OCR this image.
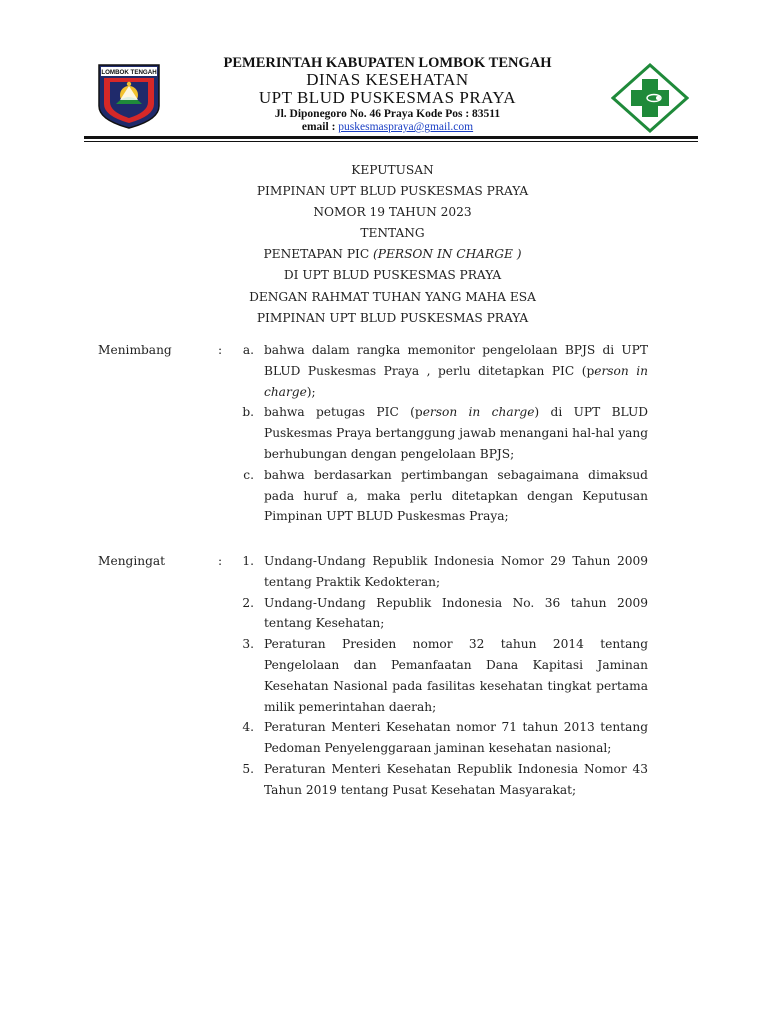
LOMBOK TENGAH
PEMERINTAH KABUPATEN LOMBOK TENGAH
DINAS KESEHATAN
UPT BLUD PUSKESMAS PRAYA
Jl. Diponegoro No. 46 Praya Kode Pos : 83511
email : puskesmaspraya@gmail.com
KEPUTUSAN
PIMPINAN UPT BLUD PUSKESMAS PRAYA
NOMOR 19 TAHUN 2023
TENTANG
PENETAPAN PIC (PERSON IN CHARGE )
DI UPT BLUD PUSKESMAS PRAYA
DENGAN RAHMAT TUHAN YANG MAHA ESA
PIMPINAN UPT BLUD PUSKESMAS PRAYA
Menimbang	:	a. bahwa dalam rangka memonitor pengelolaan BPJS di UPT BLUD Puskesmas Praya , perlu ditetapkan PIC (person in charge);
b. bahwa petugas PIC (person in charge) di UPT BLUD Puskesmas Praya bertanggung jawab menangani hal-hal yang berhubungan dengan pengelolaan BPJS;
c. bahwa berdasarkan pertimbangan sebagaimana dimaksud pada huruf a, maka perlu ditetapkan dengan Keputusan Pimpinan UPT BLUD Puskesmas Praya;
Mengingat	:	1. Undang-Undang Republik Indonesia Nomor 29 Tahun 2009 tentang Praktik Kedokteran;
2. Undang-Undang Republik Indonesia No. 36 tahun 2009 tentang Kesehatan;
3. Peraturan Presiden nomor 32 tahun 2014 tentang Pengelolaan dan Pemanfaatan Dana Kapitasi Jaminan Kesehatan Nasional pada fasilitas kesehatan tingkat pertama milik pemerintahan daerah;
4. Peraturan Menteri Kesehatan nomor 71 tahun 2013 tentang Pedoman Penyelenggaraan jaminan kesehatan nasional;
5. Peraturan Menteri Kesehatan Republik Indonesia Nomor 43 Tahun 2019 tentang Pusat Kesehatan Masyarakat;
